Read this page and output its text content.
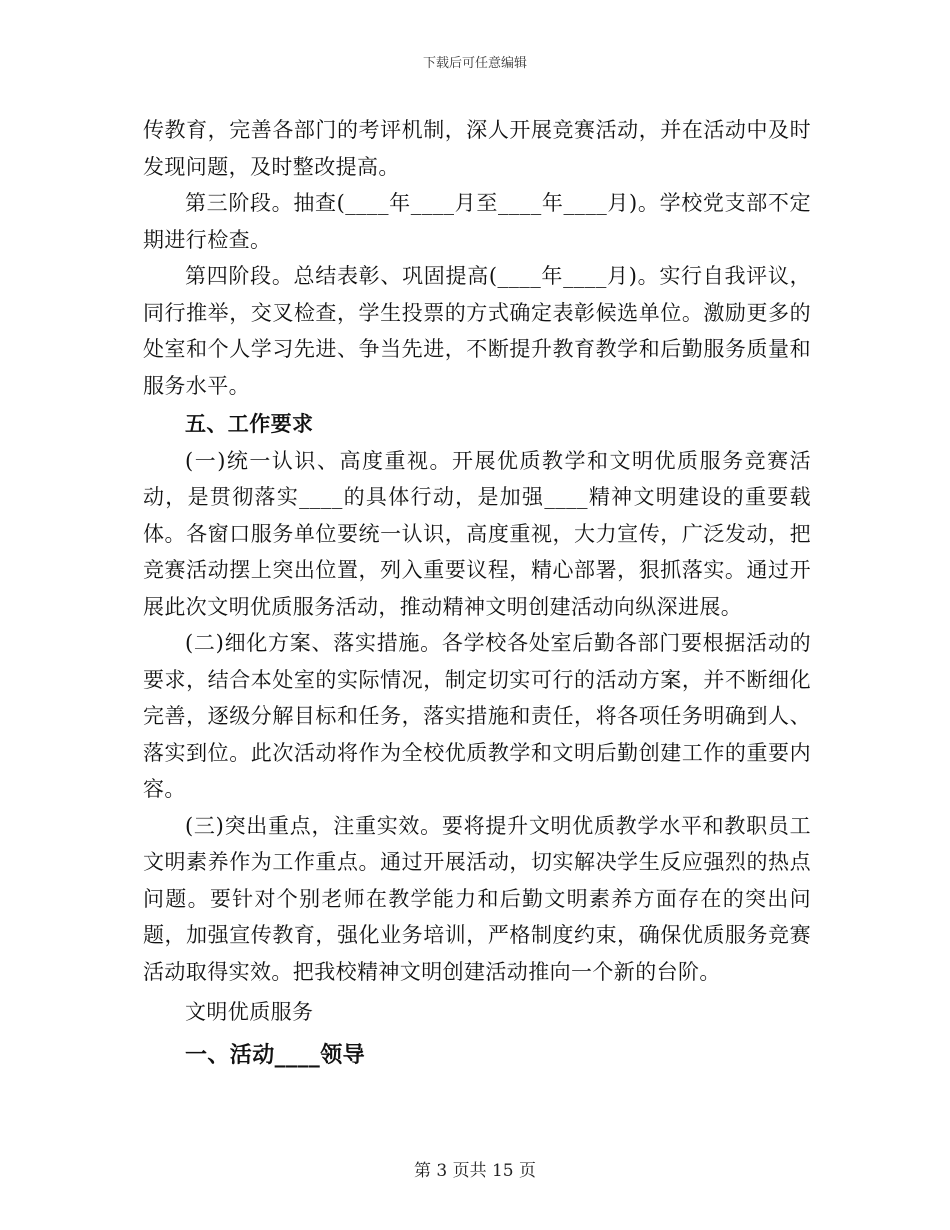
下载后可任意编辑

传教育，完善各部门的考评机制，深人开展竞赛活动，并在活动中及时发现问题，及时整改提高。

第三阶段。抽查(____年____月至____年____月)。学校党支部不定期进行检查。

第四阶段。总结表彰、巩固提高(____年____月)。实行自我评议，同行推举，交叉检查，学生投票的方式确定表彰候选单位。激励更多的处室和个人学习先进、争当先进，不断提升教育教学和后勤服务质量和服务水平。

五、工作要求

(一)统一认识、高度重视。开展优质教学和文明优质服务竞赛活动，是贯彻落实____的具体行动，是加强____精神文明建设的重要载体。各窗口服务单位要统一认识，高度重视，大力宣传，广泛发动，把竞赛活动摆上突出位置，列入重要议程，精心部署，狠抓落实。通过开展此次文明优质服务活动，推动精神文明创建活动向纵深进展。

(二)细化方案、落实措施。各学校各处室后勤各部门要根据活动的要求，结合本处室的实际情况，制定切实可行的活动方案，并不断细化完善，逐级分解目标和任务，落实措施和责任，将各项任务明确到人、落实到位。此次活动将作为全校优质教学和文明后勤创建工作的重要内容。

(三)突出重点，注重实效。要将提升文明优质教学水平和教职员工文明素养作为工作重点。通过开展活动，切实解决学生反应强烈的热点问题。要针对个别老师在教学能力和后勤文明素养方面存在的突出问题，加强宣传教育，强化业务培训，严格制度约束，确保优质服务竞赛活动取得实效。把我校精神文明创建活动推向一个新的台阶。

文明优质服务

一、活动____领导

第 3 页共 15 页
